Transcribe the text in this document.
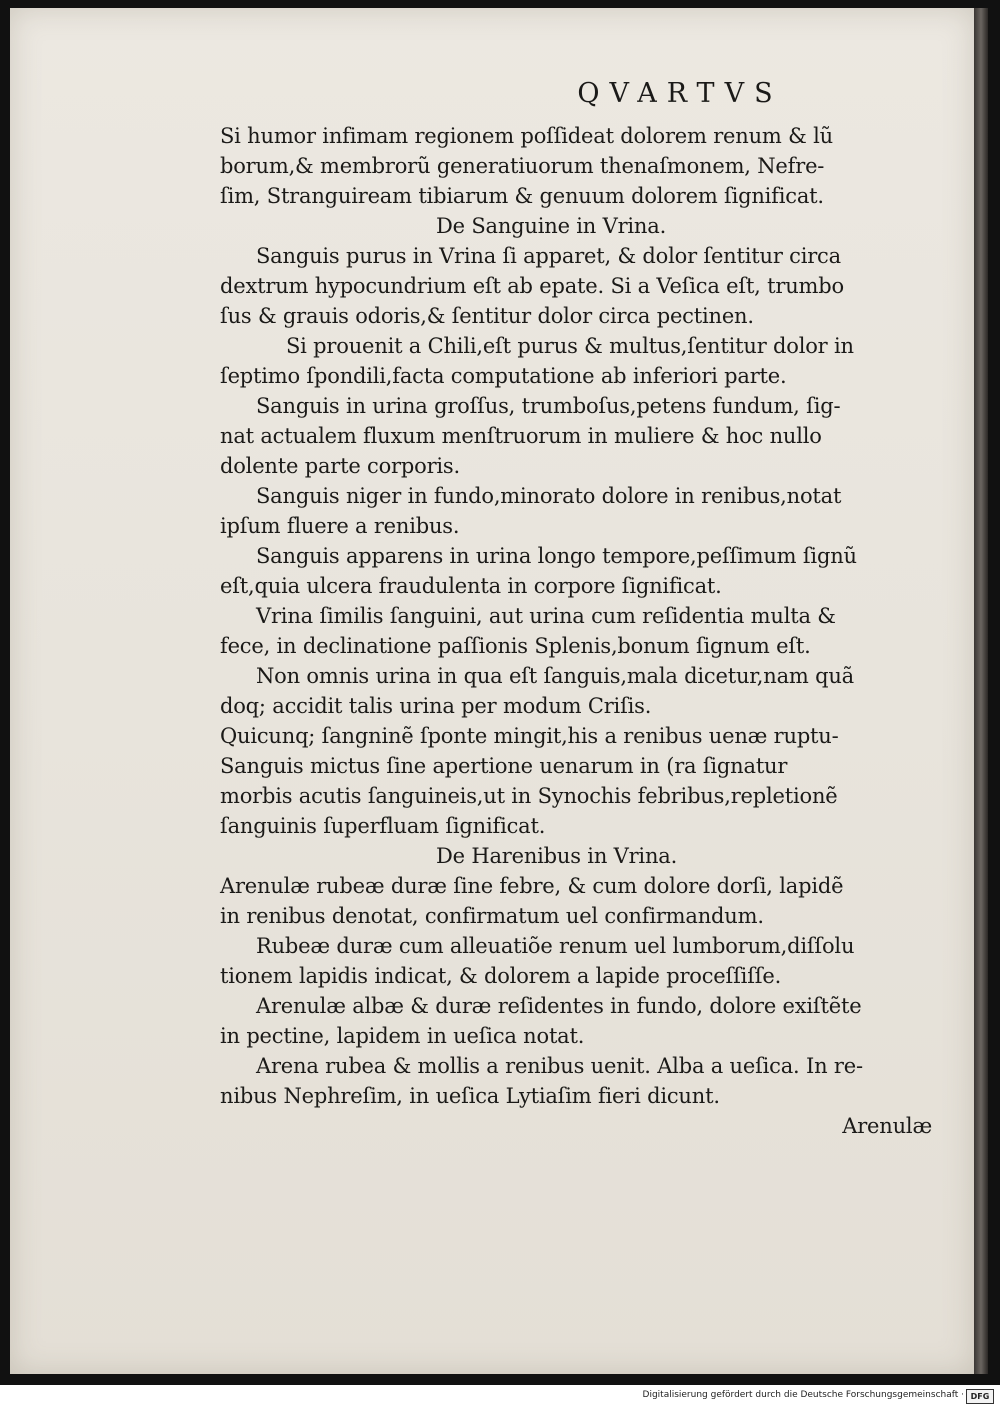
QVARTVS
Si humor infimam regionem poſſideat dolorem renum & lũ
borum,& membrorũ generatiuorum thenaſmonem, Nefre‐
ſim, Stranguiream tibiarum & genuum dolorem ſignificat.
De Sanguine in Vrina.
Sanguis purus in Vrina ſi apparet, & dolor ſentitur circa
dextrum hypocundrium eſt ab epate. Si a Veſica eſt, trumbo
ſus & grauis odoris,& ſentitur dolor circa pectinen.
Si prouenit a Chili,eſt purus & multus,ſentitur dolor in
ſeptimo ſpondili,facta computatione ab inferiori parte.
Sanguis in urina groſſus, trumboſus,petens fundum, ſig‐
nat actualem fluxum menſtruorum in muliere & hoc nullo
dolente parte corporis.
Sanguis niger in fundo,minorato dolore in renibus,notat
ipſum fluere a renibus.
Sanguis apparens in urina longo tempore,peſſimum ſignũ
eſt,quia ulcera fraudulenta in corpore ſignificat.
Vrina ſimilis ſanguini, aut urina cum reſidentia multa &
fece, in declinatione paſſionis Splenis,bonum ſignum eſt.
Non omnis urina in qua eſt ſanguis,mala dicetur,nam quã
doq; accidit talis urina per modum Criſis.
Quicunq; ſangninẽ ſponte mingit,his a renibus uenæ ruptu‐
Sanguis mictus ſine apertione uenarum in (ra ſignatur
morbis acutis ſanguineis,ut in Synochis febribus,repletionẽ
ſanguinis ſuperfluam ſignificat.
De Harenibus in Vrina.
Arenulæ rubeæ duræ ſine febre, & cum dolore dorſi, lapidẽ
in renibus denotat, confirmatum uel confirmandum.
Rubeæ duræ cum alleuatiõe renum uel lumborum,diſſolu
tionem lapidis indicat, & dolorem a lapide proceſſiſſe.
Arenulæ albæ & duræ reſidentes in fundo, dolore exiſtẽte
in pectine, lapidem in ueſica notat.
Arena rubea & mollis a renibus uenit. Alba a ueſica. In re‐
nibus Nephreſim, in ueſica Lytiaſim fieri dicunt.
Arenulæ
Digitalisierung gefördert durch die Deutsche Forschungsgemeinschaft · DFG
